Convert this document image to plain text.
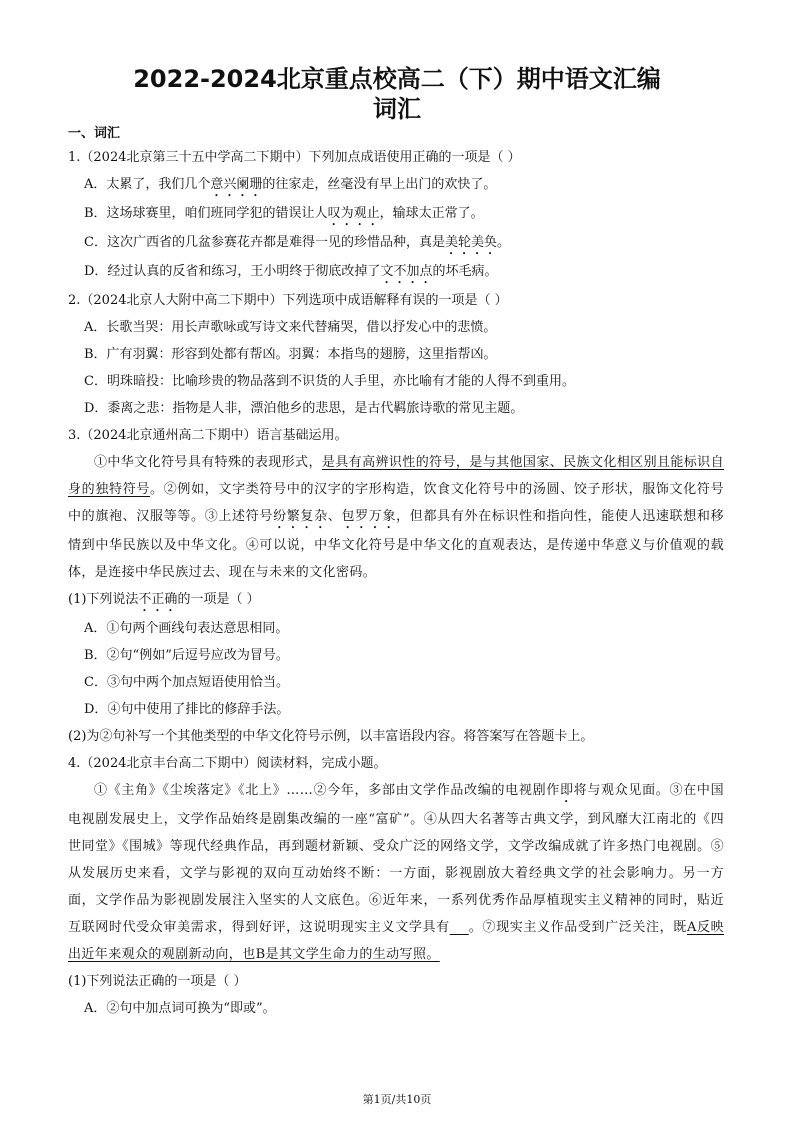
2022-2024北京重点校高二（下）期中语文汇编
词汇
一、词汇
1.（2024北京第三十五中学高二下期中）下列加点成语使用正确的一项是（ ）
A．太累了，我们几个意兴阑珊的往家走，丝毫没有早上出门的欢快了。
B．这场球赛里，咱们班同学犯的错误让人叹为观止，输球太正常了。
C．这次广西省的几盆参赛花卉都是难得一见的珍惜品种，真是美轮美奂。
D．经过认真的反省和练习，王小明终于彻底改掉了文不加点的坏毛病。
2.（2024北京人大附中高二下期中）下列选项中成语解释有误的一项是（ ）
A．长歌当哭：用长声歌咏或写诗文来代替痛哭，借以抒发心中的悲愤。
B．广有羽翼：形容到处都有帮凶。羽翼：本指鸟的翅膀，这里指帮凶。
C．明珠暗投：比喻珍贵的物品落到不识货的人手里，亦比喻有才能的人得不到重用。
D．黍离之悲：指物是人非，漂泊他乡的悲思，是古代羁旅诗歌的常见主题。
3.（2024北京通州高二下期中）语言基础运用。
①中华文化符号具有特殊的表现形式，是具有高辨识性的符号，是与其他国家、民族文化相区别且能标识自身的独特符号。②例如，文字类符号中的汉字的字形构造，饮食文化符号中的汤圆、饺子形状，服饰文化符号中的旗袍、汉服等等。③上述符号纷繁复杂、包罗万象，但都具有外在标识性和指向性，能使人迅速联想和移情到中华民族以及中华文化。④可以说，中华文化符号是中华文化的直观表达，是传递中华意义与价值观的载体，是连接中华民族过去、现在与未来的文化密码。
(1)下列说法不正确的一项是（ ）
A．①句两个画线句表达意思相同。
B．②句“例如”后逗号应改为冒号。
C．③句中两个加点短语使用恰当。
D．④句中使用了排比的修辞手法。
(2)为②句补写一个其他类型的中华文化符号示例，以丰富语段内容。将答案写在答题卡上。
4.（2024北京丰台高二下期中）阅读材料，完成小题。
①《主角》《尘埃落定》《北上》……②今年，多部由文学作品改编的电视剧作即将与观众见面。③在中国电视剧发展史上，文学作品始终是剧集改编的一座“富矿”。④从四大名著等古典文学，到风靡大江南北的《四世同堂》《围城》等现代经典作品，再到题材新颖、受众广泛的网络文学，文学改编成就了许多热门电视剧。⑤从发展历史来看，文学与影视的双向互动始终不断：一方面，影视剧放大着经典文学的社会影响力。另一方面，文学作品为影视剧发展注入坚实的人文底色。⑥近年来，一系列优秀作品厚植现实主义精神的同时，贴近互联网时代受众审美需求，得到好评，这说明现实主义文学具有 。⑦现实主义作品受到广泛关注，既A反映出近年来观众的观剧新动向，也B是其文学生命力的生动写照。
(1)下列说法正确的一项是（ ）
A．②句中加点词可换为“即或”。
第1页/共10页
